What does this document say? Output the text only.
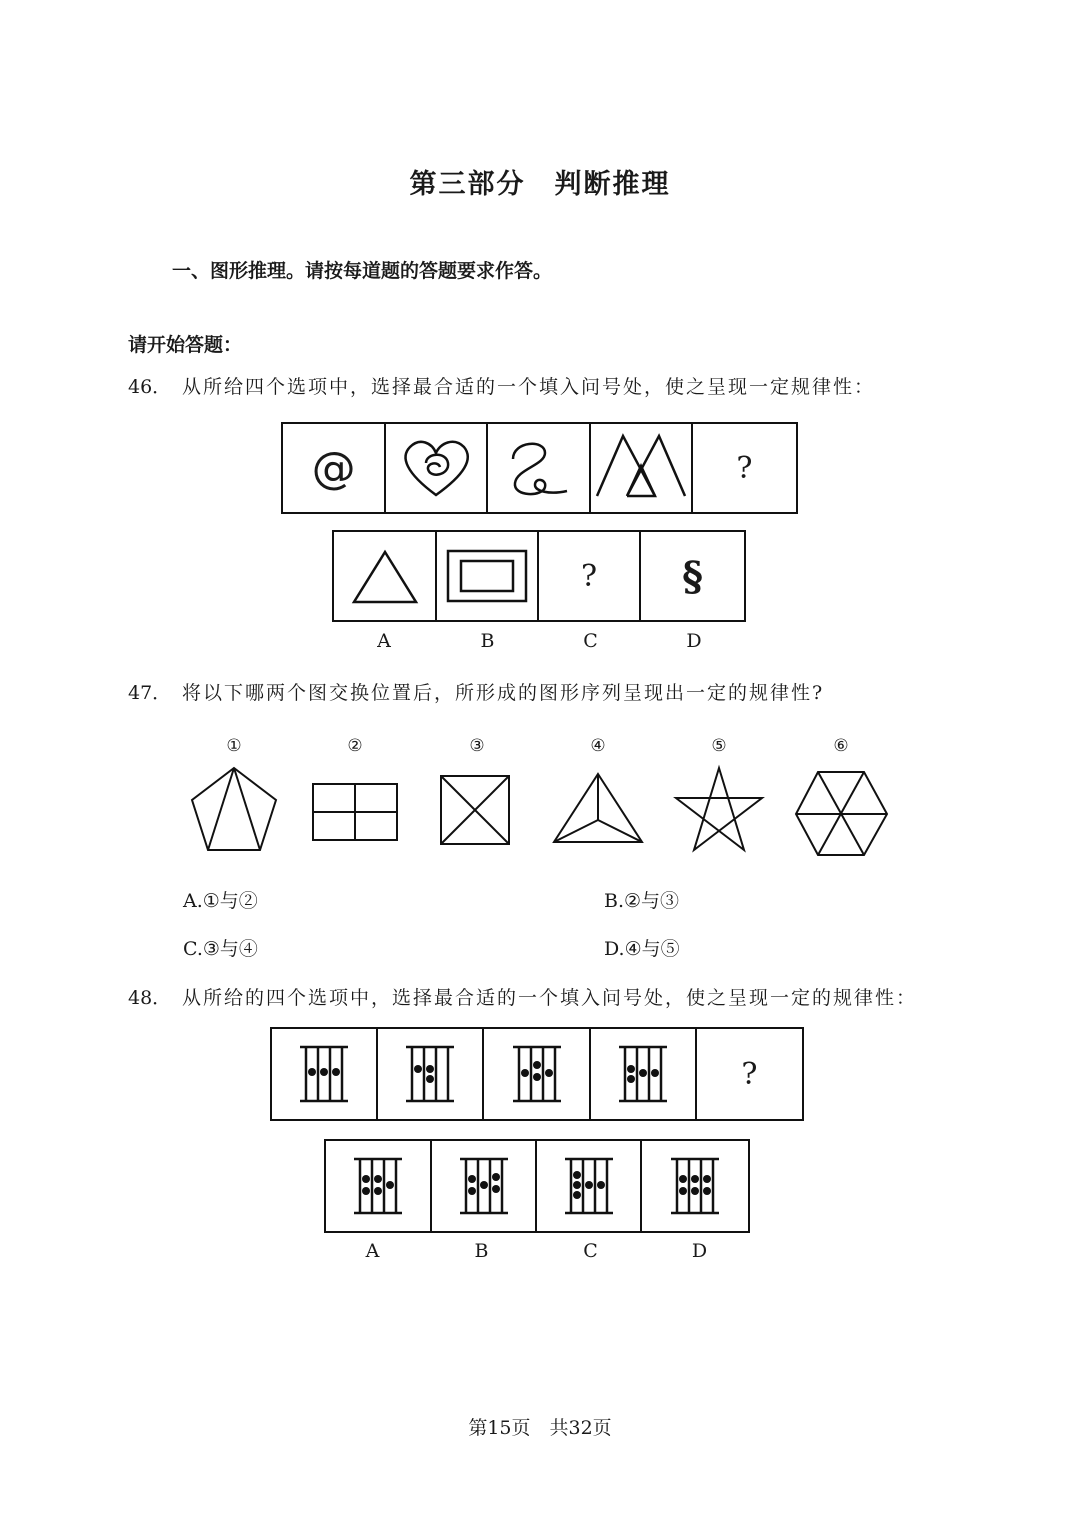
第三部分　判断推理
一、图形推理。请按每道题的答题要求作答。
请开始答题：
46． 从所给四个选项中，选择最合适的一个填入问号处，使之呈现一定规律性：
@	?
? §
A	B	C	D
47． 将以下哪两个图交换位置后，所形成的图形序列呈现出一定的规律性?
①	②	③	④	⑤	⑥
A.①与②	B.②与③
C.③与④	D.④与⑤
48． 从所给的四个选项中，选择最合适的一个填入问号处，使之呈现一定的规律性：
?
A	B	C	D
第15页　共32页
